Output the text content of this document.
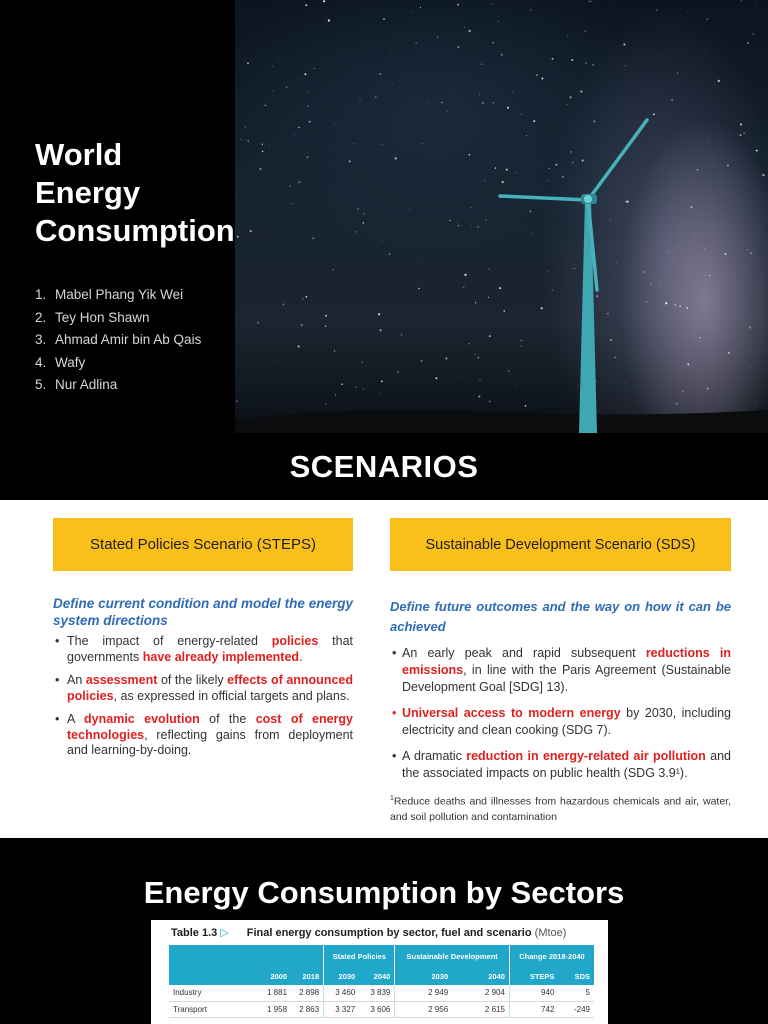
World
Energy
Consumption
1. Mabel Phang Yik Wei
2. Tey Hon Shawn
3. Ahmad Amir bin Ab Qais
4. Wafy
5. Nur Adlina
SCENARIOS
Stated Policies Scenario (STEPS)

Define current condition and model the energy system directions

• The impact of energy-related policies that governments have already implemented.
• An assessment of the likely effects of announced policies, as expressed in official targets and plans.
• A dynamic evolution of the cost of energy technologies, reflecting gains from deployment and learning-by-doing.
Sustainable Development Scenario (SDS)

Define future outcomes and the way on how it can be achieved

• An early peak and rapid subsequent reductions in emissions, in line with the Paris Agreement (Sustainable Development Goal [SDG] 13).
• Universal access to modern energy by 2030, including electricity and clean cooking (SDG 7).
• A dramatic reduction in energy-related air pollution and the associated impacts on public health (SDG 3.9¹).

$^1$Reduce deaths and illnesses from hazardous chemicals and air, water, and soil pollution and contamination

Energy Consumption by Sectors
Table 1.3 ▷ Final energy consumption by sector, fuel and scenario (Mtoe)
			Stated Policies		Sustainable Development		Change 2018-2040	
	2000	2018	2030	2040	2030	2040	STEPS	SDS
Industry	1 881	2 898	3 460	3 839	2 949	2 904	940	5
Transport	1 958	2 863	3 327	3 606	2 956	2 615	742	-249
